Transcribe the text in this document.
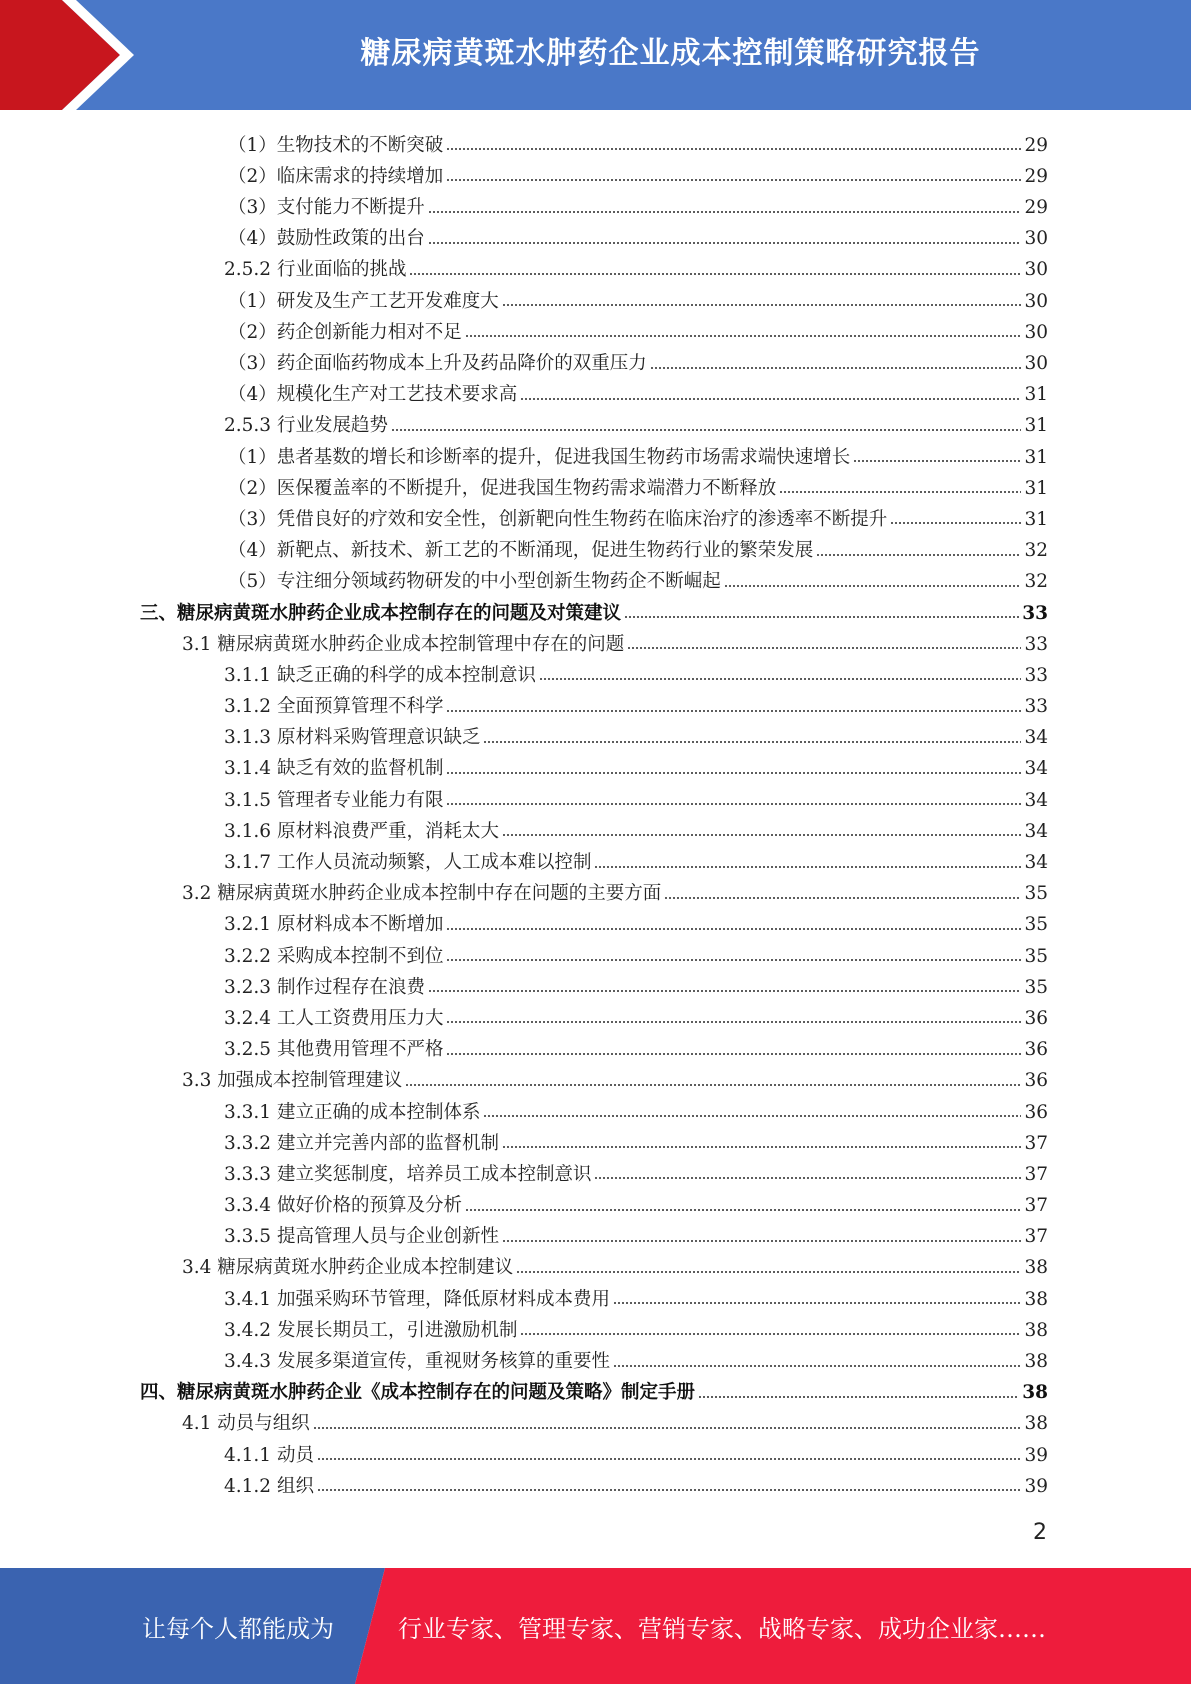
糖尿病黄斑水肿药企业成本控制策略研究报告
（1）生物技术的不断突破	29
（2）临床需求的持续增加	29
（3）支付能力不断提升	29
（4）鼓励性政策的出台	30
2.5.2 行业面临的挑战	30
（1）研发及生产工艺开发难度大	30
（2）药企创新能力相对不足	30
（3）药企面临药物成本上升及药品降价的双重压力	30
（4）规模化生产对工艺技术要求高	31
2.5.3 行业发展趋势	31
（1）患者基数的增长和诊断率的提升，促进我国生物药市场需求端快速增长	31
（2）医保覆盖率的不断提升，促进我国生物药需求端潜力不断释放	31
（3）凭借良好的疗效和安全性，创新靶向性生物药在临床治疗的渗透率不断提升	31
（4）新靶点、新技术、新工艺的不断涌现，促进生物药行业的繁荣发展	32
（5）专注细分领域药物研发的中小型创新生物药企不断崛起	32
三、糖尿病黄斑水肿药企业成本控制存在的问题及对策建议	33
3.1 糖尿病黄斑水肿药企业成本控制管理中存在的问题	33
3.1.1 缺乏正确的科学的成本控制意识	33
3.1.2 全面预算管理不科学	33
3.1.3 原材料采购管理意识缺乏	34
3.1.4 缺乏有效的监督机制	34
3.1.5 管理者专业能力有限	34
3.1.6 原材料浪费严重，消耗太大	34
3.1.7 工作人员流动频繁，人工成本难以控制	34
3.2 糖尿病黄斑水肿药企业成本控制中存在问题的主要方面	35
3.2.1 原材料成本不断增加	35
3.2.2 采购成本控制不到位	35
3.2.3 制作过程存在浪费	35
3.2.4 工人工资费用压力大	36
3.2.5 其他费用管理不严格	36
3.3 加强成本控制管理建议	36
3.3.1 建立正确的成本控制体系	36
3.3.2 建立并完善内部的监督机制	37
3.3.3 建立奖惩制度，培养员工成本控制意识	37
3.3.4 做好价格的预算及分析	37
3.3.5 提高管理人员与企业创新性	37
3.4 糖尿病黄斑水肿药企业成本控制建议	38
3.4.1 加强采购环节管理，降低原材料成本费用	38
3.4.2 发展长期员工，引进激励机制	38
3.4.3 发展多渠道宣传，重视财务核算的重要性	38
四、糖尿病黄斑水肿药企业《成本控制存在的问题及策略》制定手册	38
4.1 动员与组织	38
4.1.1 动员	39
4.1.2 组织	39
2
让每个人都能成为	行业专家、管理专家、营销专家、战略专家、成功企业家……
